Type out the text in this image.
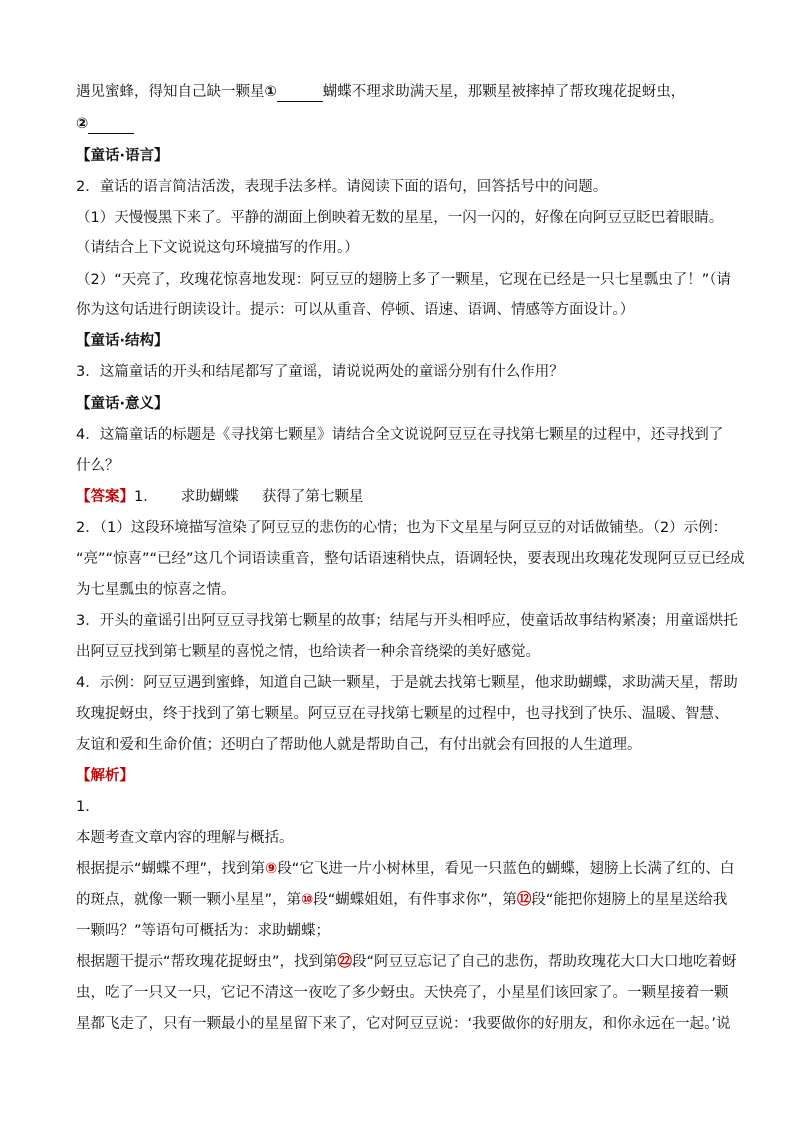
遇见蜜蜂，得知自己缺一颗星①	蝴蝶不理求助满天星，那颗星被摔掉了帮玫瑰花捉蚜虫，
②
【童话·语言】
2．童话的语言简洁活泼，表现手法多样。请阅读下面的语句，回答括号中的问题。
（1）天慢慢黑下来了。平静的湖面上倒映着无数的星星，一闪一闪的，好像在向阿豆豆眨巴着眼睛。
（请结合上下文说说这句环境描写的作用。）
（2）“天亮了，玫瑰花惊喜地发现：阿豆豆的翅膀上多了一颗星，它现在已经是一只七星瓢虫了！”（请
你为这句话进行朗读设计。提示：可以从重音、停顿、语速、语调、情感等方面设计。）
【童话·结构】
3．这篇童话的开头和结尾都写了童谣，请说说两处的童谣分别有什么作用？
【童话·意义】
4．这篇童话的标题是《寻找第七颗星》请结合全文说说阿豆豆在寻找第七颗星的过程中，还寻找到了
什么？
【答案】1．     求助蝴蝶     获得了第七颗星
2．（1）这段环境描写渲染了阿豆豆的悲伤的心情；也为下文星星与阿豆豆的对话做铺垫。（2）示例：
“亮”“惊喜”“已经”这几个词语读重音，整句话语速稍快点，语调轻快，要表现出玫瑰花发现阿豆豆已经成
为七星瓢虫的惊喜之情。
3．开头的童谣引出阿豆豆寻找第七颗星的故事；结尾与开头相呼应，使童话故事结构紧凑；用童谣烘托
出阿豆豆找到第七颗星的喜悦之情，也给读者一种余音绕梁的美好感觉。
4．示例：阿豆豆遇到蜜蜂，知道自己缺一颗星，于是就去找第七颗星，他求助蝴蝶，求助满天星，帮助
玫瑰捉蚜虫，终于找到了第七颗星。阿豆豆在寻找第七颗星的过程中，也寻找到了快乐、温暖、智慧、
友谊和爱和生命价值；还明白了帮助他人就是帮助自己，有付出就会有回报的人生道理。
【解析】
1．
本题考查文章内容的理解与概括。
根据提示“蝴蝶不理”，找到第⑨段“它飞进一片小树林里，看见一只蓝色的蝴蝶，翅膀上长满了红的、白
的斑点，就像一颗一颗小星星”，第⑩段“蝴蝶姐姐，有件事求你”，第⑫段“能把你翅膀上的星星送给我
一颗吗？”等语句可概括为：求助蝴蝶；
根据题干提示“帮玫瑰花捉蚜虫”，找到第㉒段“阿豆豆忘记了自己的悲伤，帮助玫瑰花大口大口地吃着蚜
虫，吃了一只又一只，它记不清这一夜吃了多少蚜虫。天快亮了，小星星们该回家了。一颗星接着一颗
星都飞走了，只有一颗最小的星星留下来了，它对阿豆豆说：‘我要做你的好朋友，和你永远在一起。’说
